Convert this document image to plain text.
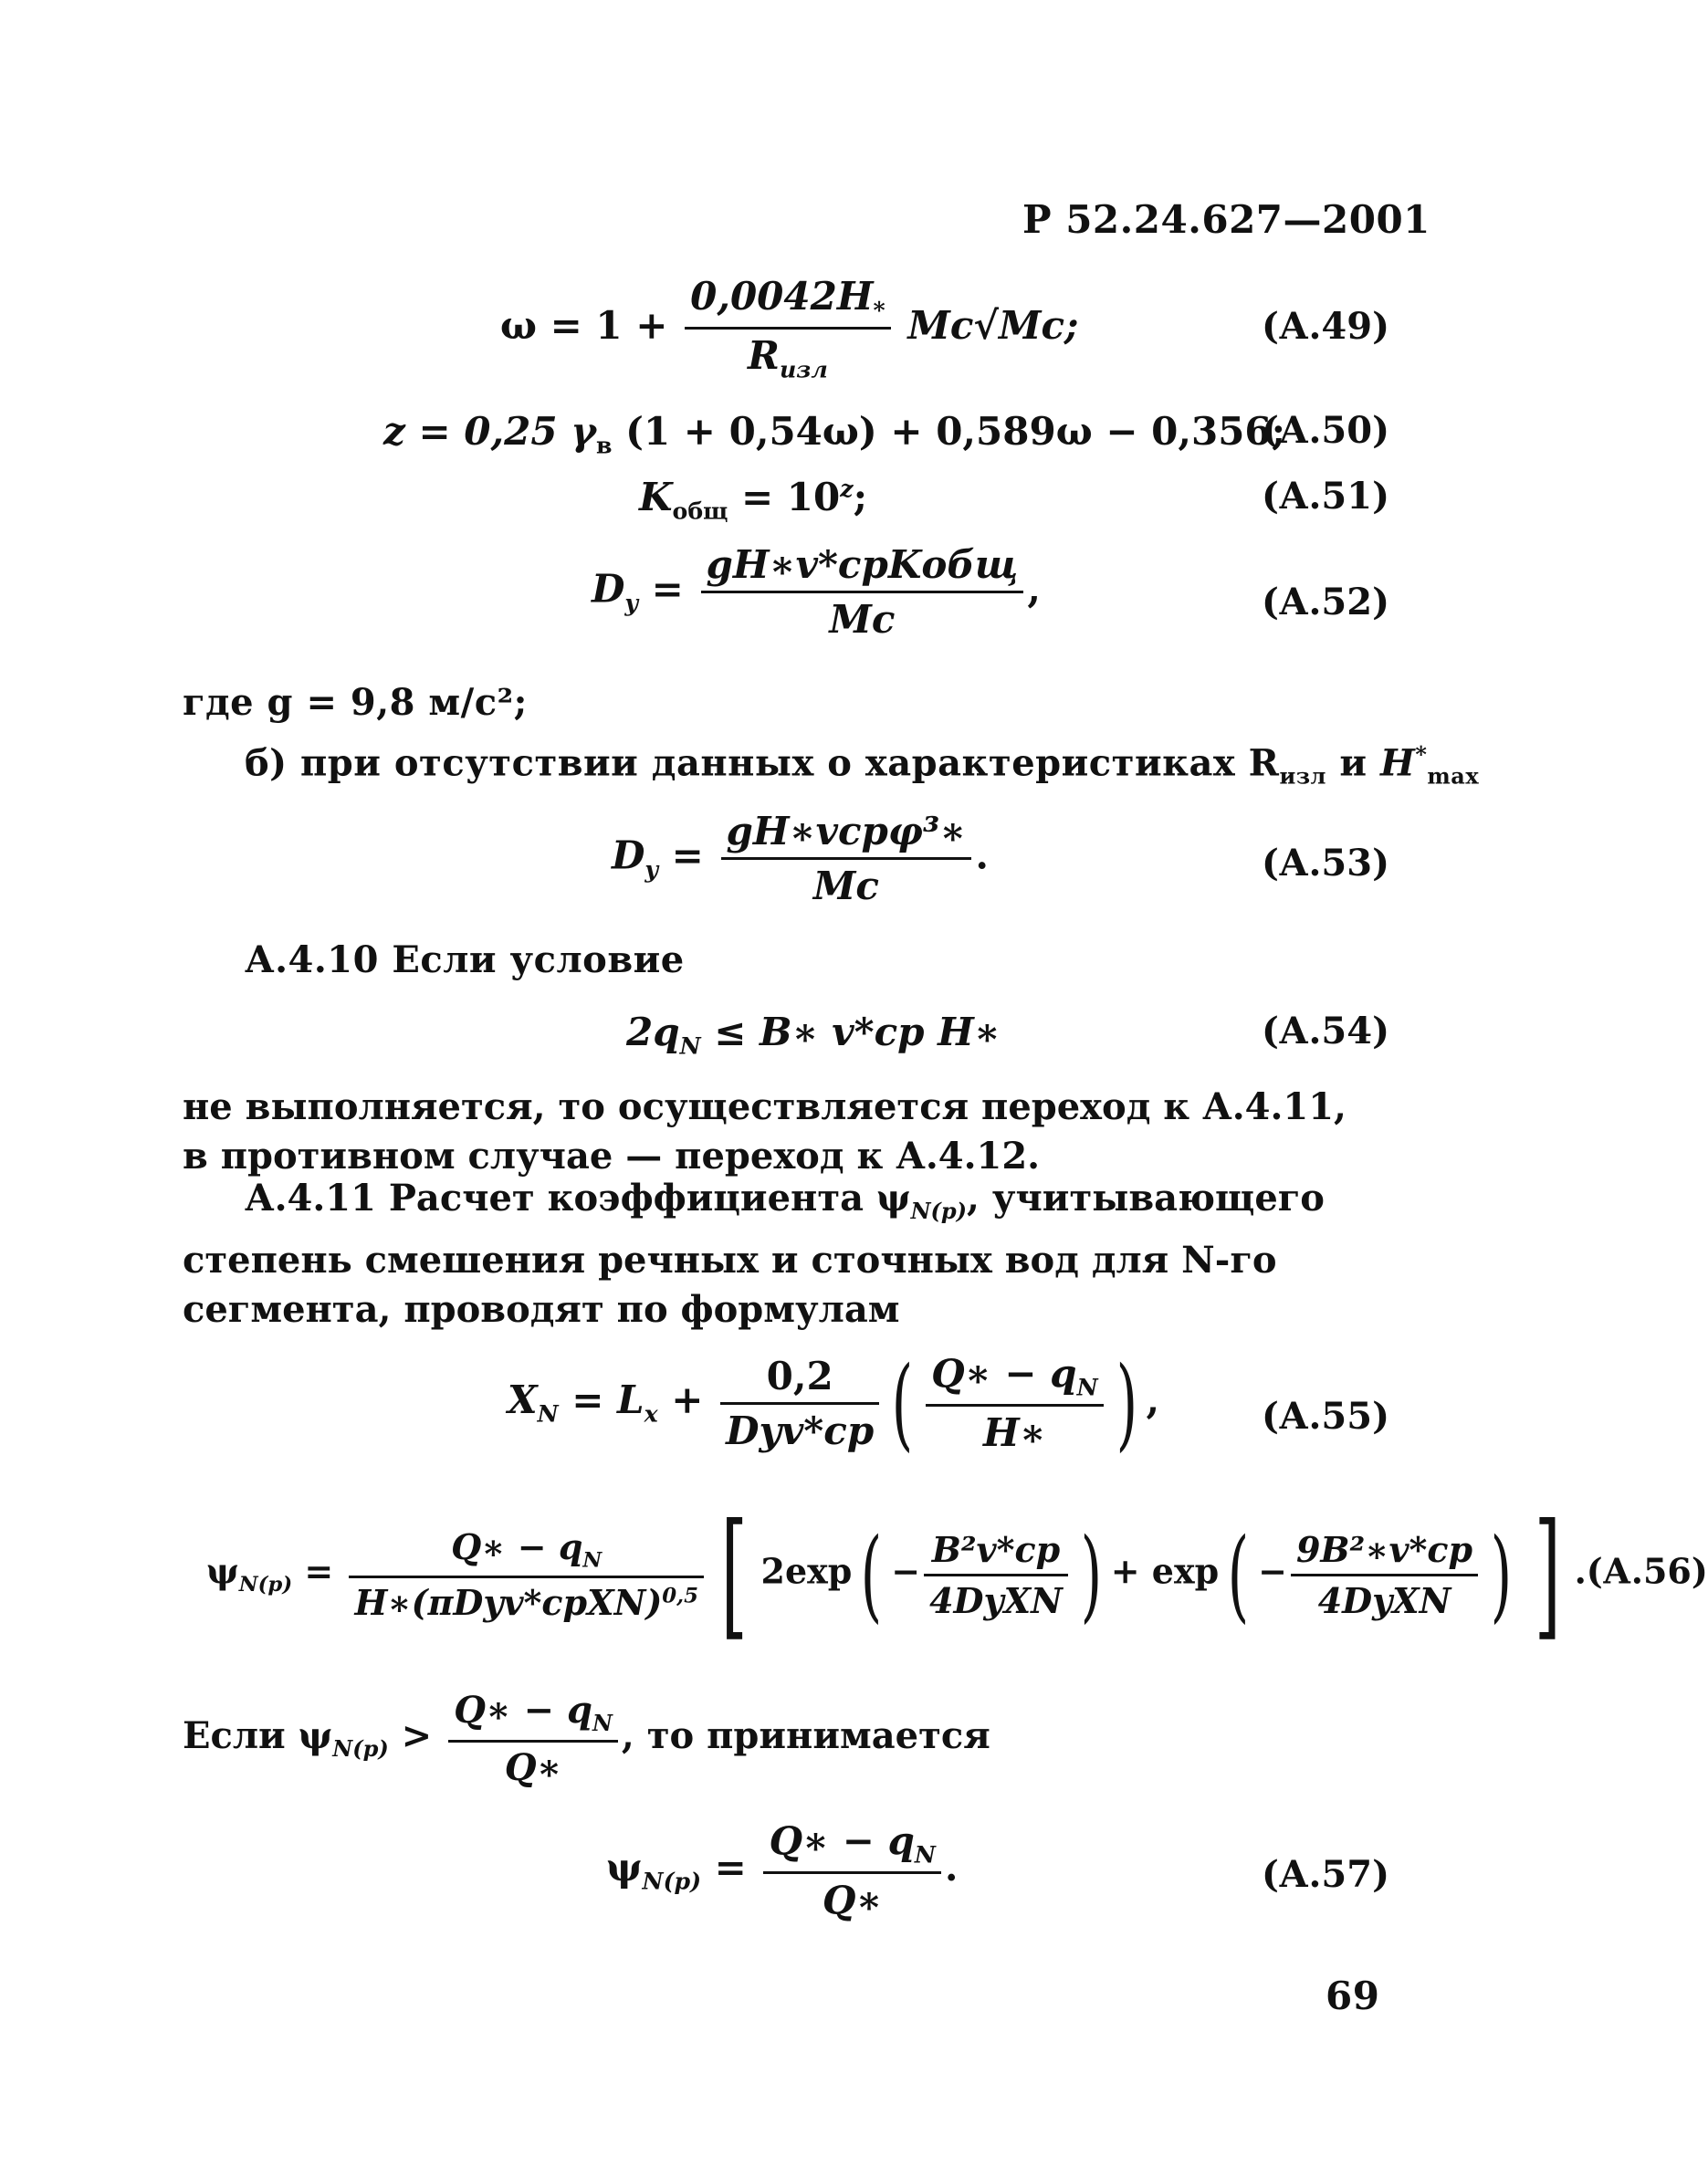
Р 52.24.627—2001
$\omega = 1 + \frac{0,0042H_*}{R_{изл}} Mc√Mc$;	(А.49)
z = 0,25 $\gamma_в$ (1 + 0,54ω) + 0,589ω − 0,356;
(А.50)
$K_{общ} = 10^z$;	(А.51)
$D_y = \frac{\text{gH∗v*срKобщ}}{Mc}$ ,	(А.52)
где g = 9,8 м/с²;
б) при отсутствии данных о характеристиках $R_{изл}$ и $H^*_{max}$
$D_y = \frac{\text{gH∗vсрφ³∗}}{Mc}$ .	(А.53)
А.4.10 Если условие
$2q_N$ ≤ B∗ v*ср H∗	(А.54)
не выполняется, то осуществляется переход к А.4.11, в противном случае — переход к А.4.12.
А.4.11 Расчет коэффициента $\psi_{N(р)}$, учитывающего степень смешения речных и сточных вод для N-го сегмента, проводят по формулам
$X_N = L_x + \frac{0,2}{\text{Dyv*ср}}$ ( $\frac{Q∗ - q_N}{H∗}$ ) ,	(А.55)
$\psi_{N(р)} = \frac{Q∗ - q_N}{H∗(\pi Dyv*срXN)^{0,5}}$ [ $2\exp( - \frac{\text{B²v*ср}}{\text{4DyXN}}$ ) + $\exp( - \frac{\text{9B²∗v*ср}}{\text{4DyXN}}$ ) ] .(А.56)
Если $\psi_{N(р)} > \frac{Q∗ - q_N}{Q∗}$ , то принимается
$\psi_{N(р)} = \frac{Q∗ - q_N}{Q∗}$ .	(А.57)
69
